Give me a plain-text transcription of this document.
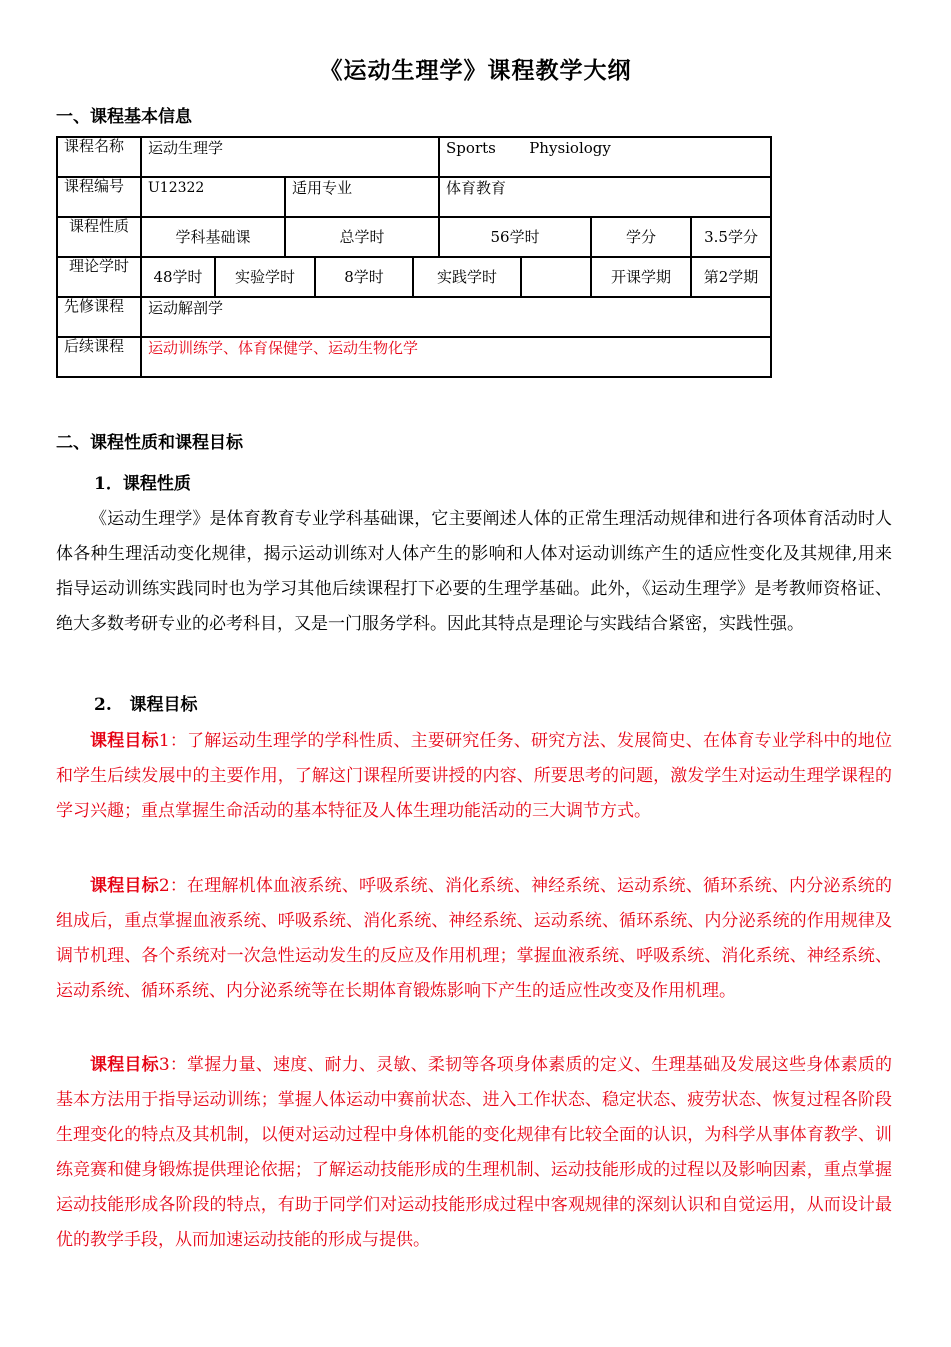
《运动生理学》课程教学大纲
一、课程基本信息
课程名称	运动生理学					Sports       Physiology			
课程编号	U12322		适用专业			体育教育			
课程性质	学科基础课		总学时			56学时		学分	3.5学分
理论学时	48学时	实验学时		8学时	实践学时			开课学期	第2学期
先修课程	运动解剖学								
后续课程	运动训练学、体育保健学、运动生物化学								
二、课程性质和课程目标
1．课程性质

《运动生理学》是体育教育专业学科基础课，它主要阐述人体的正常生理活动规律和进行各项体育活动时人体各种生理活动变化规律，揭示运动训练对人体产生的影响和人体对运动训练产生的适应性变化及其规律,用来指导运动训练实践同时也为学习其他后续课程打下必要的生理学基础。此外，《运动生理学》是考教师资格证、绝大多数考研专业的必考科目，又是一门服务学科。因此其特点是理论与实践结合紧密，实践性强。

2.   课程目标

课程目标1：了解运动生理学的学科性质、主要研究任务、研究方法、发展简史、在体育专业学科中的地位和学生后续发展中的主要作用，了解这门课程所要讲授的内容、所要思考的问题，激发学生对运动生理学课程的学习兴趣；重点掌握生命活动的基本特征及人体生理功能活动的三大调节方式。

课程目标2：在理解机体血液系统、呼吸系统、消化系统、神经系统、运动系统、循环系统、内分泌系统的组成后，重点掌握血液系统、呼吸系统、消化系统、神经系统、运动系统、循环系统、内分泌系统的作用规律及调节机理、各个系统对一次急性运动发生的反应及作用机理；掌握血液系统、呼吸系统、消化系统、神经系统、运动系统、循环系统、内分泌系统等在长期体育锻炼影响下产生的适应性改变及作用机理。

课程目标3：掌握力量、速度、耐力、灵敏、柔韧等各项身体素质的定义、生理基础及发展这些身体素质的基本方法用于指导运动训练；掌握人体运动中赛前状态、进入工作状态、稳定状态、疲劳状态、恢复过程各阶段生理变化的特点及其机制，以便对运动过程中身体机能的变化规律有比较全面的认识，为科学从事体育教学、训练竞赛和健身锻炼提供理论依据；了解运动技能形成的生理机制、运动技能形成的过程以及影响因素，重点掌握运动技能形成各阶段的特点，有助于同学们对运动技能形成过程中客观规律的深刻认识和自觉运用，从而设计最优的教学手段，从而加速运动技能的形成与提供。
